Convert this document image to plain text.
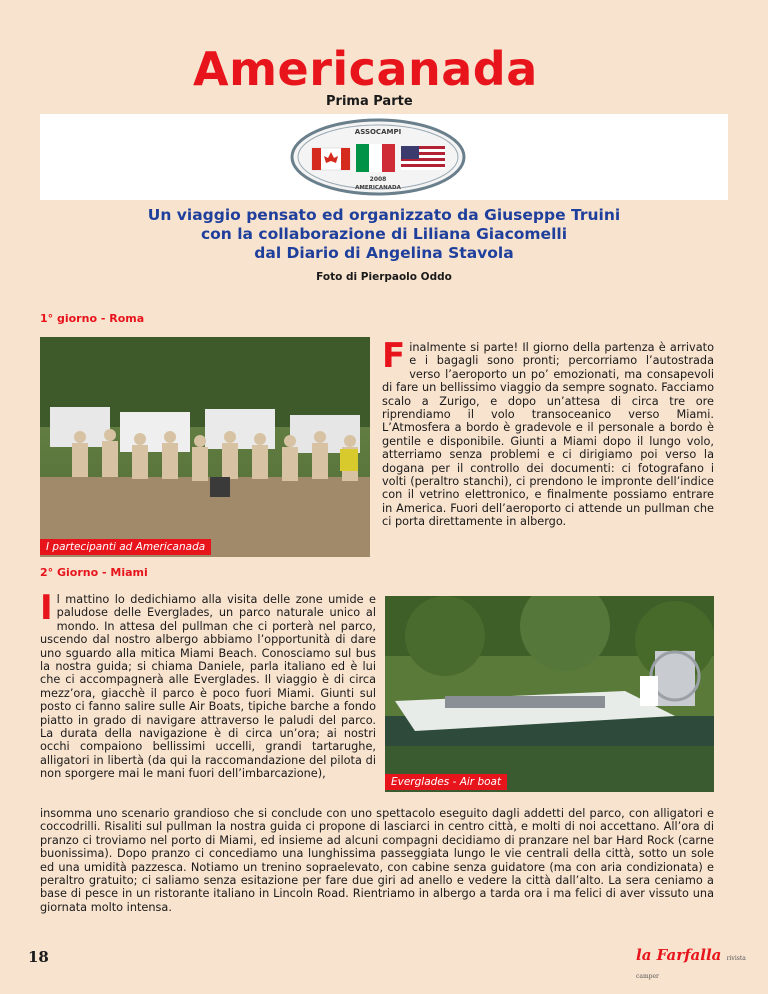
Americanada
Prima Parte
ASSOCAMPI
2008
AMERICANADA
Un viaggio pensato ed organizzato da Giuseppe Truini
con la collaborazione di Liliana Giacomelli
dal Diario di Angelina Stavola
Foto di Pierpaolo Oddo
1° giorno - Roma
I partecipanti ad Americanada

Finalmente si parte! Il giorno della partenza è arrivato e i bagagli sono pronti; percorriamo l’autostrada verso l’aeroporto un po’ emozionati, ma consapevoli di fare un bellissimo viaggio da sempre sognato. Facciamo scalo a Zurigo, e dopo un’attesa di circa tre ore riprendiamo il volo transoceanico verso Miami. L’Atmosfera a bordo è gradevole e il personale a bordo è gentile e disponibile. Giunti a Miami dopo il lungo volo, atterriamo senza problemi e ci dirigiamo poi verso la dogana per il controllo dei documenti: ci fotografano i volti (peraltro stanchi), ci prendono le impronte dell’indice con il vetrino elettronico, e finalmente possiamo entrare in America. Fuori dell’aeroporto ci attende un pullman che ci porta direttamente in albergo.

2° Giorno - Miami
Everglades - Air boat

Il mattino lo dedichiamo alla visita delle zone umide e paludose delle Everglades, un parco naturale unico al mondo. In attesa del pullman che ci porterà nel parco, uscendo dal nostro albergo abbiamo l’opportunità di dare uno sguardo alla mitica Miami Beach. Conosciamo sul bus la nostra guida; si chiama Daniele, parla italiano ed è lui che ci accompagnerà alle Everglades. Il viaggio è di circa mezz’ora, giacchè il parco è poco fuori Miami. Giunti sul posto ci fanno salire sulle Air Boats, tipiche barche a fondo piatto in grado di navigare attraverso le paludi del parco. La durata della navigazione è di circa un’ora; ai nostri occhi compaiono bellissimi uccelli, grandi tartarughe, alligatori in libertà (da qui la raccomandazione del pilota di non sporgere mai le mani fuori dell’imbarcazione),

insomma uno scenario grandioso che si conclude con uno spettacolo eseguito dagli addetti del parco, con alligatori e coccodrilli. Risaliti sul pullman la nostra guida ci propone di lasciarci in centro città, e molti di noi accettano. All’ora di pranzo ci troviamo nel porto di Miami, ed insieme ad alcuni compagni decidiamo di pranzare nel bar Hard Rock (carne buonissima). Dopo pranzo ci concediamo una lunghissima passeggiata lungo le vie centrali della città, sotto un sole ed una umidità pazzesca. Notiamo un trenino sopraelevato, con cabine senza guidatore (ma con aria condizionata) e peraltro gratuito; ci saliamo senza esitazione per fare due giri ad anello e vedere la città dall’alto. La sera ceniamo a base di pesce in un ristorante italiano in Lincoln Road. Rientriamo in albergo a tarda ora i ma felici di aver vissuto una giornata molto intensa.
18	la Farfalla rivista camper
